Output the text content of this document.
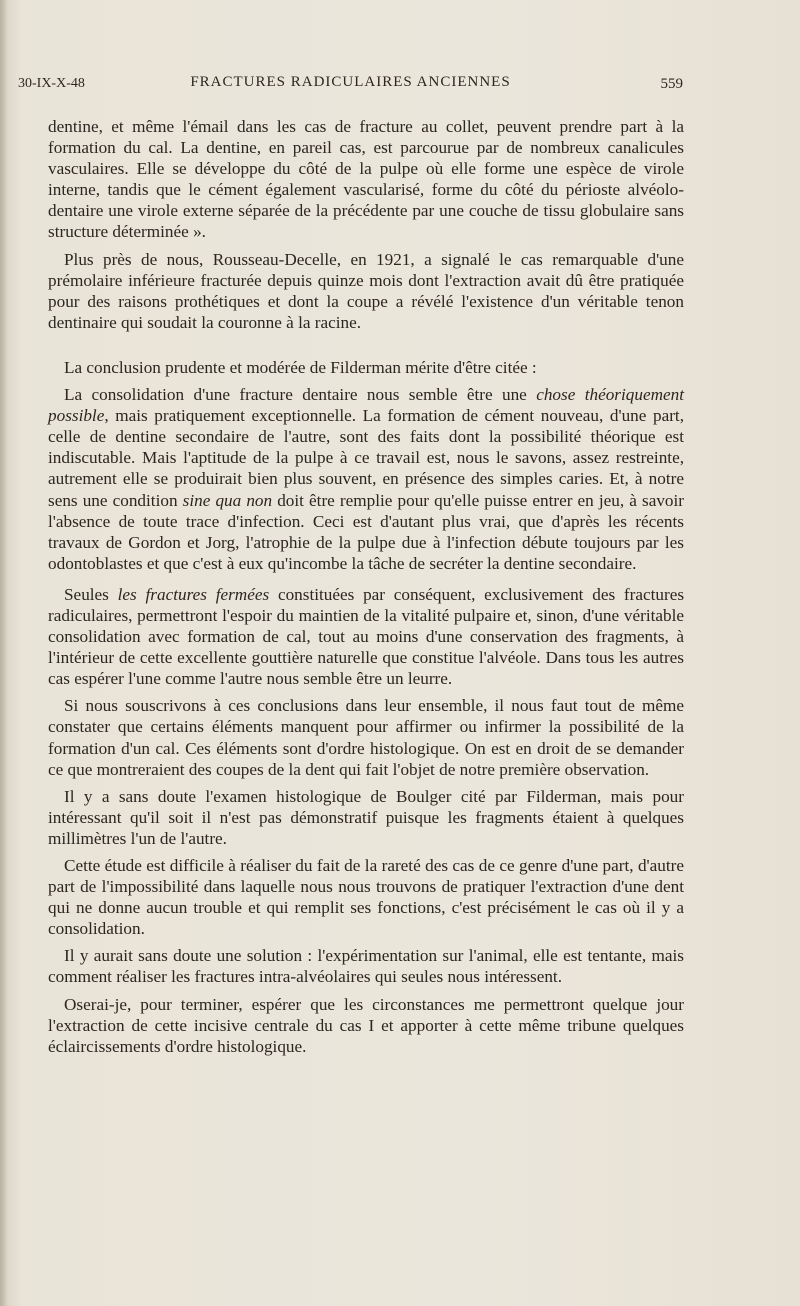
30-IX-X-48	FRACTURES RADICULAIRES ANCIENNES	559

dentine, et même l'émail dans les cas de fracture au collet, peuvent prendre part à la formation du cal. La dentine, en pareil cas, est parcourue par de nombreux canalicules vasculaires. Elle se développe du côté de la pulpe où elle forme une espèce de virole interne, tandis que le cément également vascularisé, forme du côté du périoste alvéolo-dentaire une virole externe séparée de la précédente par une couche de tissu globulaire sans structure déterminée ».

Plus près de nous, Rousseau-Decelle, en 1921, a signalé le cas remarquable d'une prémolaire inférieure fracturée depuis quinze mois dont l'extraction avait dû être pratiquée pour des raisons prothétiques et dont la coupe a révélé l'existence d'un véritable tenon dentinaire qui soudait la couronne à la racine.

La conclusion prudente et modérée de Filderman mérite d'être citée :

La consolidation d'une fracture dentaire nous semble être une chose théoriquement possible, mais pratiquement exceptionnelle. La formation de cément nouveau, d'une part, celle de dentine secondaire de l'autre, sont des faits dont la possibilité théorique est indiscutable. Mais l'aptitude de la pulpe à ce travail est, nous le savons, assez restreinte, autrement elle se produirait bien plus souvent, en présence des simples caries. Et, à notre sens une condition sine qua non doit être remplie pour qu'elle puisse entrer en jeu, à savoir l'absence de toute trace d'infection. Ceci est d'autant plus vrai, que d'après les récents travaux de Gordon et Jorg, l'atrophie de la pulpe due à l'infection débute toujours par les odontoblastes et que c'est à eux qu'incombe la tâche de secréter la dentine secondaire.

Seules les fractures fermées constituées par conséquent, exclusivement des fractures radiculaires, permettront l'espoir du maintien de la vitalité pulpaire et, sinon, d'une véritable consolidation avec formation de cal, tout au moins d'une conservation des fragments, à l'intérieur de cette excellente gouttière naturelle que constitue l'alvéole. Dans tous les autres cas espérer l'une comme l'autre nous semble être un leurre.

Si nous souscrivons à ces conclusions dans leur ensemble, il nous faut tout de même constater que certains éléments manquent pour affirmer ou infirmer la possibilité de la formation d'un cal. Ces éléments sont d'ordre histologique. On est en droit de se demander ce que montreraient des coupes de la dent qui fait l'objet de notre première observation.

Il y a sans doute l'examen histologique de Boulger cité par Filderman, mais pour intéressant qu'il soit il n'est pas démonstratif puisque les fragments étaient à quelques millimètres l'un de l'autre.

Cette étude est difficile à réaliser du fait de la rareté des cas de ce genre d'une part, d'autre part de l'impossibilité dans laquelle nous nous trouvons de pratiquer l'extraction d'une dent qui ne donne aucun trouble et qui remplit ses fonctions, c'est précisément le cas où il y a consolidation.

Il y aurait sans doute une solution : l'expérimentation sur l'animal, elle est tentante, mais comment réaliser les fractures intra-alvéolaires qui seules nous intéressent.

Oserai-je, pour terminer, espérer que les circonstances me permettront quelque jour l'extraction de cette incisive centrale du cas I et apporter à cette même tribune quelques éclaircissements d'ordre histologique.
